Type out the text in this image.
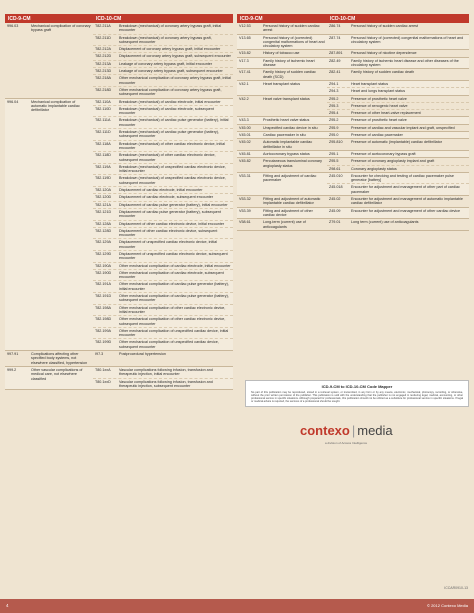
ICD-9-CM	ICD-10-CM
996.03	Mechanical complication of coronary bypass graft
T82.211A	Breakdown (mechanical) of coronary artery bypass graft, initial encounter
T82.211D	Breakdown (mechanical) of coronary artery bypass graft, subsequent encounter
T82.212A	Displacement of coronary artery bypass graft, initial encounter
T82.212D	Displacement of coronary artery bypass graft, subsequent encounter
T82.213A	Leakage of coronary artery bypass graft, initial encounter
T82.213D	Leakage of coronary artery bypass graft, subsequent encounter
T82.218A	Other mechanical complication of coronary artery bypass graft, initial encounter
T82.218D	Other mechanical complication of coronary artery bypass graft, subsequent encounter
996.04	Mechanical complication of automatic implantable cardiac defibrillator
T82.110A	Breakdown (mechanical) of cardiac electrode, initial encounter
T82.110D	Breakdown (mechanical) of cardiac electrode, subsequent encounter
T82.111A	Breakdown (mechanical) of cardiac pulse generator (battery), initial encounter
T82.111D	Breakdown (mechanical) of cardiac pulse generator (battery), subsequent encounter
T82.118A	Breakdown (mechanical) of other cardiac electronic device, initial encounter
T82.118D	Breakdown (mechanical) of other cardiac electronic device, subsequent encounter
T82.119A	Breakdown (mechanical) of unspecified cardiac electronic device, initial encounter
T82.119D	Breakdown (mechanical) of unspecified cardiac electronic device, subsequent encounter
T82.120A	Displacement of cardiac electrode, initial encounter
T82.120D	Displacement of cardiac electrode, subsequent encounter
T82.121A	Displacement of cardiac pulse generator (battery), initial encounter
T82.121D	Displacement of cardiac pulse generator (battery), subsequent encounter
T82.128A	Displacement of other cardiac electronic device, initial encounter
T82.128D	Displacement of other cardiac electronic device, subsequent encounter
T82.129A	Displacement of unspecified cardiac electronic device, initial encounter
T82.129D	Displacement of unspecified cardiac electronic device, subsequent encounter
T82.190A	Other mechanical complication of cardiac electrode, initial encounter
T82.190D	Other mechanical complication of cardiac electrode, subsequent encounter
T82.191A	Other mechanical complication of cardiac pulse generator (battery), initial encounter
T82.191D	Other mechanical complication of cardiac pulse generator (battery), subsequent encounter
T82.198A	Other mechanical complication of other cardiac electronic device, initial encounter
T82.198D	Other mechanical complication of other cardiac electronic device, subsequent encounter
T82.199A	Other mechanical complication of unspecified cardiac device, initial encounter
T82.199D	Other mechanical complication of unspecified cardiac device, subsequent encounter
997.91	Complications affecting other specified body systems, not elsewhere classified, hypertension
I97.3	Postprocedural hypertension
999.2	Other vascular complications of medical care, not elsewhere classified
T80.1xxA	Vascular complications following infusion, transfusion and therapeutic injection, initial encounter
T80.1xxD	Vascular complications following infusion, transfusion and therapeutic injection, subsequent encounter
ICD-9-CM	ICD-10-CM
V12.53	Personal history of sudden cardiac arrest
Z86.74	Personal history of sudden cardiac arrest
V13.65	Personal history of (corrected) congenital malformations of heart and circulatory system
Z87.74	Personal history of (corrected) congenital malformations of heart and circulatory system
V15.82	History of tobacco use	Z87.891	Personal history of nicotine dependence
V17.3	Family history of ischemic heart disease
Z82.49	Family history of ischemic heart disease and other diseases of the circulatory system
V17.41	Family history of sudden cardiac death (SCD)
Z82.41	Family history of sudden cardiac death
V42.1	Heart transplant status	Z94.1	Heart transplant status
Z94.3	Heart and lungs transplant status
V42.2	Heart valve transplant status	Z95.2	Presence of prosthetic heart valve
Z95.3	Presence of xenogenic heart valve
Z95.4	Presence of other heart-valve replacement
V43.3	Prosthetic heart valve status	Z95.2	Presence of prosthetic heart valve
V45.00	Unspecified cardiac device in situ	Z95.9	Presence of cardiac and vascular implant and graft, unspecified
V45.01	Cardiac pacemaker in situ	Z95.0	Presence of cardiac pacemaker
V45.02	Automatic implantable cardiac defibrillator in situ
Z95.810	Presence of automatic (implantable) cardiac defibrillator
V45.81	Aortocoronary bypass status	Z95.1	Presence of aortocoronary bypass graft
V45.82	Percutaneous transluminal coronary angioplasty status
Z95.5	Presence of coronary angioplasty implant and graft
Z98.61	Coronary angioplasty status
V53.31	Fitting and adjustment of cardiac pacemaker
Z45.010	Encounter for checking and testing of cardiac pacemaker pulse generator [battery]
Z45.018	Encounter for adjustment and management of other part of cardiac pacemaker
V53.32	Fitting and adjustment of automatic implantable cardiac defibrillator
Z45.02	Encounter for adjustment and management of automatic implantable cardiac defibrillator
V53.39	Fitting and adjustment of other cardiac device
Z45.09	Encounter for adjustment and management of other cardiac device
V58.61	Long-term (current) use of anticoagulants
Z79.01	Long term (current) use of anticoagulants
ICD-9-CM to ICD-10-CM Code Mapper
No part of this publication may be reproduced, stored in a retrieval system, or transmitted, in any form or by any means, electronic, mechanical, photocopy, recording, or otherwise, without the prior written permission of the publisher. This publication is sold with the understanding that the publisher is not engaged in rendering legal, medical, accounting, or other professional service in specific situations. Although prepared for professionals, this publication should not be utilized as a substitute for professional service in specific situations. If legal or medical advice is required, the services of a professional should be sought.
contexo | media
a division of Access Intelligence
ICCAR0910-13
4	© 2012 Contexo Media
